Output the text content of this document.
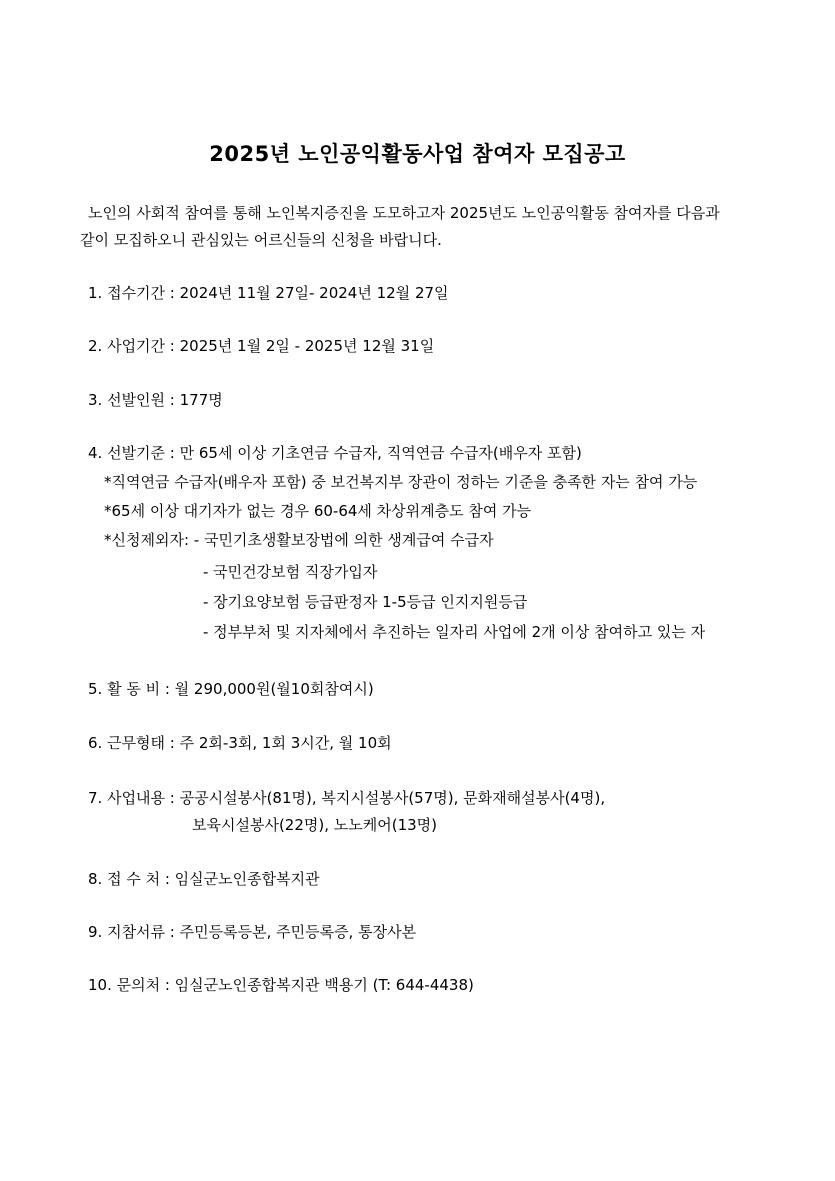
2025년 노인공익활동사업 참여자 모집공고
노인의 사회적 참여를 통해 노인복지증진을 도모하고자 2025년도 노인공익활동 참여자를 다음과
같이 모집하오니 관심있는 어르신들의 신청을 바랍니다.
1. 접수기간 : 2024년 11월 27일- 2024년 12월 27일
2. 사업기간 : 2025년 1월 2일 - 2025년 12월 31일
3. 선발인원 : 177명
4. 선발기준 : 만 65세 이상 기초연금 수급자, 직역연금 수급자(배우자 포함)
*직역연금 수급자(배우자 포함) 중 보건복지부 장관이 정하는 기준을 충족한 자는 참여 가능
*65세 이상 대기자가 없는 경우 60-64세 차상위계층도 참여 가능
*신청제외자: - 국민기초생활보장법에 의한 생계급여 수급자
- 국민건강보험 직장가입자
- 장기요양보험 등급판정자 1-5등급 인지지원등급
- 정부부처 및 지자체에서 추진하는 일자리 사업에 2개 이상 참여하고 있는 자
5. 활 동 비 : 월 290,000원(월10회참여시)
6. 근무형태 : 주 2회-3회, 1회 3시간, 월 10회
7. 사업내용 : 공공시설봉사(81명), 복지시설봉사(57명), 문화재해설봉사(4명),
보육시설봉사(22명), 노노케어(13명)
8. 접 수 처 : 임실군노인종합복지관
9. 지참서류 : 주민등록등본, 주민등록증, 통장사본
10. 문의처 : 임실군노인종합복지관 백용기 (T: 644-4438)
